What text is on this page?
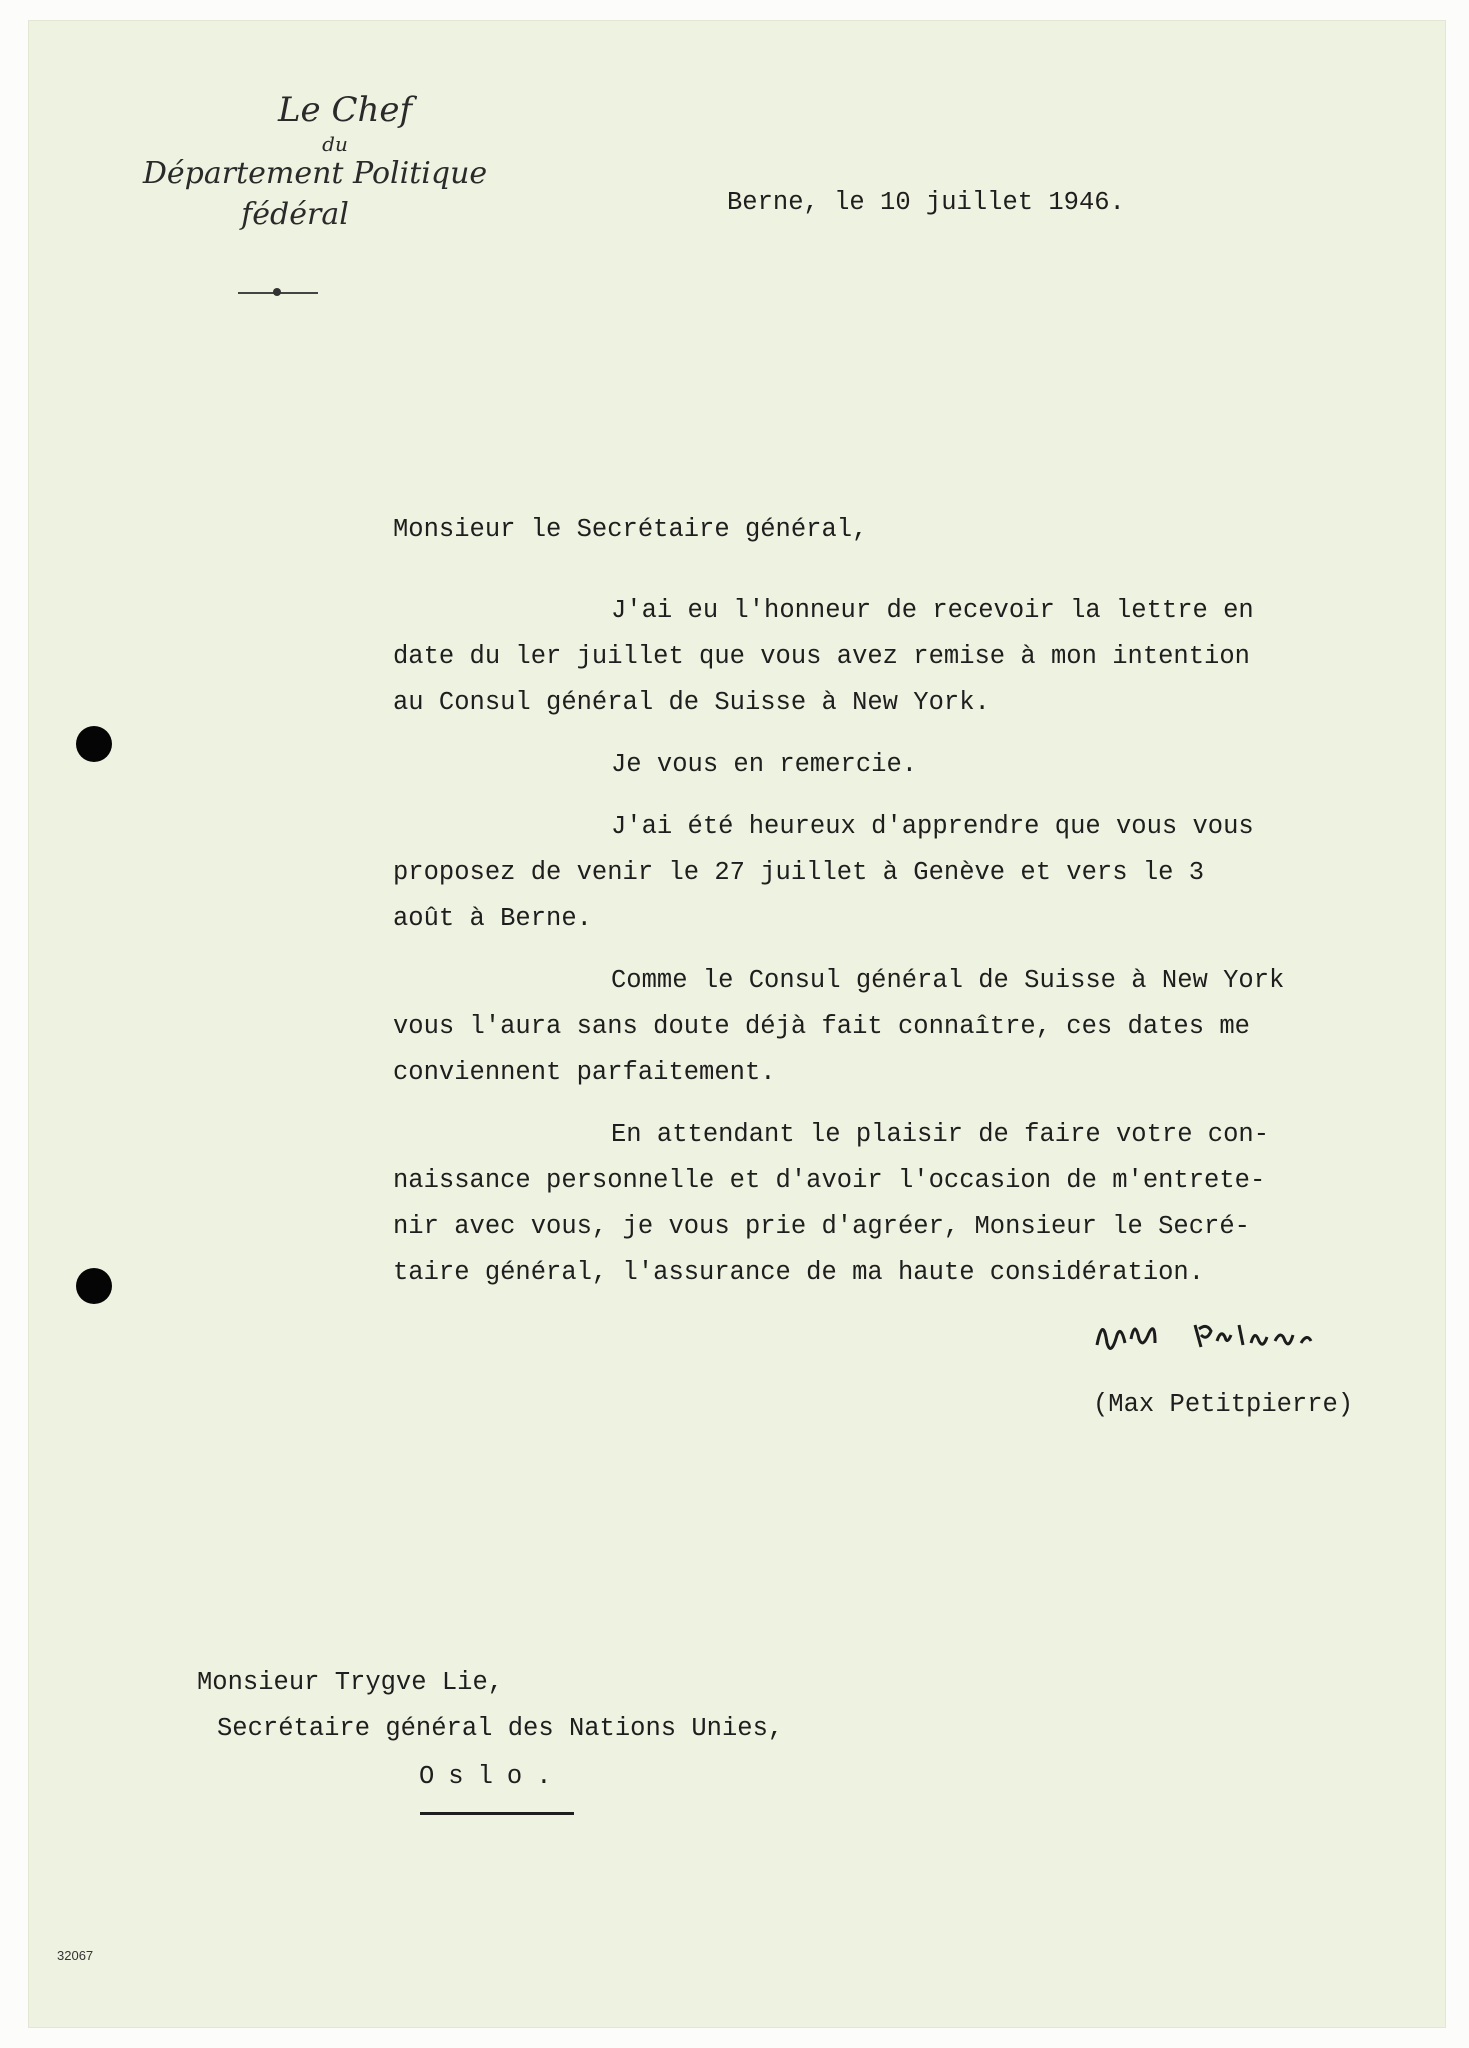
Le Chef
du
Département Politique
fédéral	Berne, le 10 juillet 1946.
Monsieur le Secrétaire général,
J'ai eu l'honneur de recevoir la lettre en
date du ler juillet que vous avez remise à mon intention
au Consul général de Suisse à New York.
Je vous en remercie.
J'ai été heureux d'apprendre que vous vous
proposez de venir le 27 juillet à Genève et vers le 3
août à Berne.
Comme le Consul général de Suisse à New York
vous l'aura sans doute déjà fait connaître, ces dates me
conviennent parfaitement.
En attendant le plaisir de faire votre con-
naissance personnelle et d'avoir l'occasion de m'entrete-
nir avec vous, je vous prie d'agréer, Monsieur le Secré-
taire général, l'assurance de ma haute considération.
(Max Petitpierre)
Monsieur Trygve Lie,
Secrétaire général des Nations Unies,
Oslo.
32067
